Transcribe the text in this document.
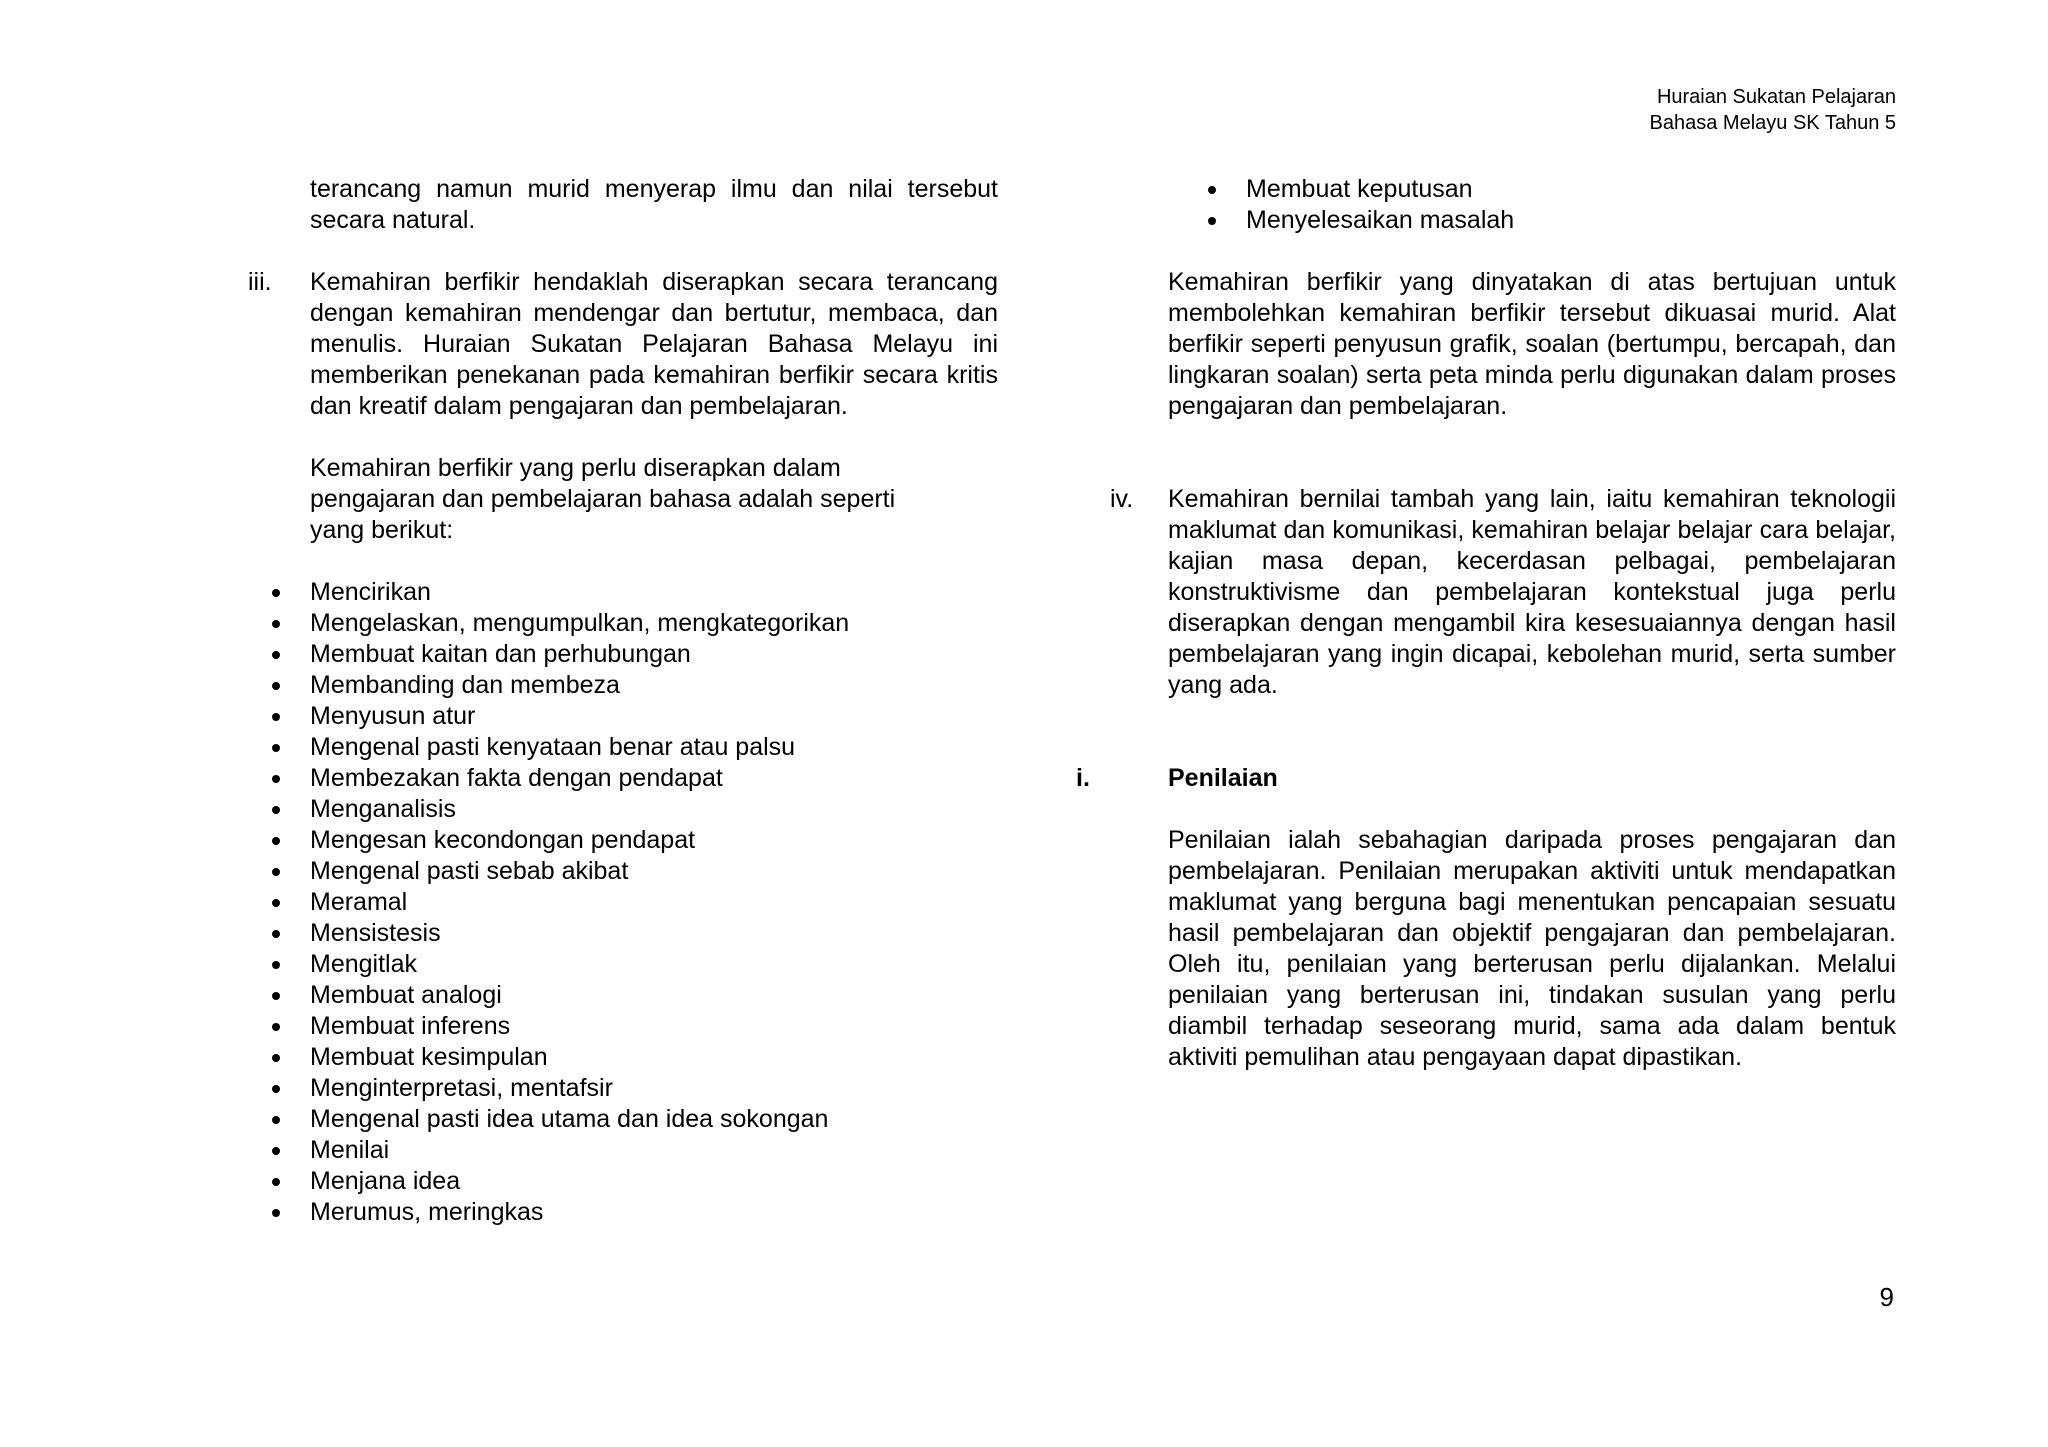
Huraian Sukatan Pelajaran
Bahasa Melayu SK Tahun 5

terancang namun murid menyerap ilmu dan nilai tersebut secara natural.

iii.	Kemahiran berfikir hendaklah diserapkan secara terancang dengan kemahiran mendengar dan bertutur, membaca, dan menulis. Huraian Sukatan Pelajaran Bahasa Melayu ini memberikan penekanan pada kemahiran berfikir secara kritis dan kreatif dalam pengajaran dan pembelajaran.

Kemahiran berfikir yang perlu diserapkan dalam
pengajaran dan pembelajaran bahasa adalah seperti
yang berikut:
Mencirikan
Mengelaskan, mengumpulkan, mengkategorikan
Membuat kaitan dan perhubungan
Membanding dan membeza
Menyusun atur
Mengenal pasti kenyataan benar atau palsu
Membezakan fakta dengan pendapat
Menganalisis
Mengesan kecondongan pendapat
Mengenal pasti sebab akibat
Meramal
Mensistesis
Mengitlak
Membuat analogi
Membuat inferens
Membuat kesimpulan
Menginterpretasi, mentafsir
Mengenal pasti idea utama dan idea sokongan
Menilai
Menjana idea
Merumus, meringkas
Membuat keputusan
Menyelesaikan masalah

Kemahiran berfikir yang dinyatakan di atas bertujuan untuk membolehkan kemahiran berfikir tersebut dikuasai murid. Alat berfikir seperti penyusun grafik, soalan (bertumpu, bercapah, dan lingkaran soalan) serta peta minda perlu digunakan dalam proses pengajaran dan pembelajaran.

iv.	Kemahiran bernilai tambah yang lain, iaitu kemahiran teknologii maklumat dan komunikasi, kemahiran belajar belajar cara belajar, kajian masa depan, kecerdasan pelbagai, pembelajaran konstruktivisme dan pembelajaran kontekstual juga perlu diserapkan dengan mengambil kira kesesuaiannya dengan hasil pembelajaran yang ingin dicapai, kebolehan murid, serta sumber yang ada.

i.	Penilaian

Penilaian ialah sebahagian daripada proses pengajaran dan pembelajaran. Penilaian merupakan aktiviti untuk mendapatkan maklumat yang berguna bagi menentukan pencapaian sesuatu hasil pembelajaran dan objektif pengajaran dan pembelajaran. Oleh itu, penilaian yang berterusan perlu dijalankan. Melalui penilaian yang berterusan ini, tindakan susulan yang perlu diambil terhadap seseorang murid, sama ada dalam bentuk aktiviti pemulihan atau pengayaan dapat dipastikan.

9
